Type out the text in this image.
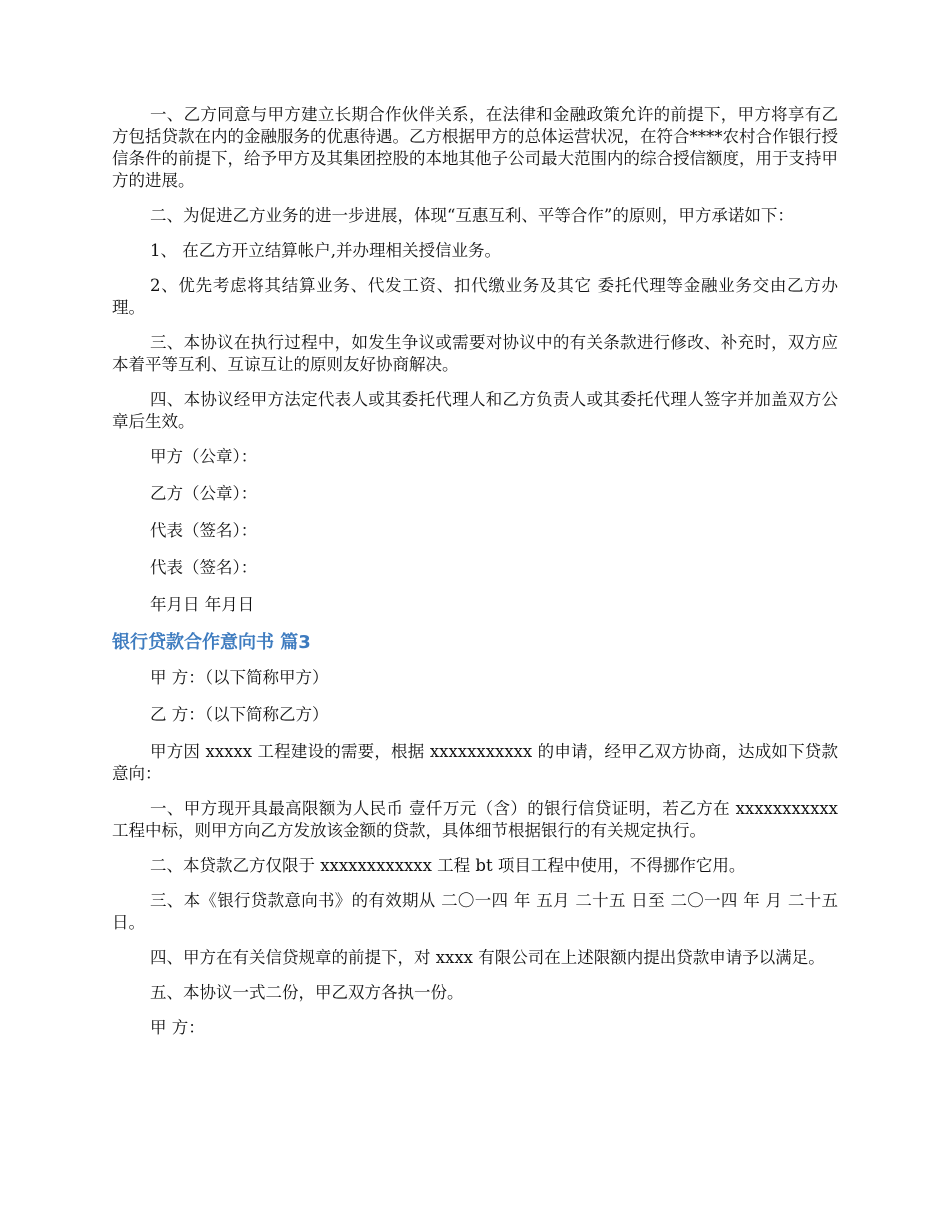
一、乙方同意与甲方建立长期合作伙伴关系，在法律和金融政策允许的前提下，甲方将享有乙方包括贷款在内的金融服务的优惠待遇。乙方根据甲方的总体运营状况，在符合****农村合作银行授信条件的前提下，给予甲方及其集团控股的本地其他子公司最大范围内的综合授信额度，用于支持甲方的进展。

二、为促进乙方业务的进一步进展，体现“互惠互利、平等合作”的原则，甲方承诺如下：

1、 在乙方开立结算帐户,并办理相关授信业务。

2、优先考虑将其结算业务、代发工资、扣代缴业务及其它 委托代理等金融业务交由乙方办理。

三、本协议在执行过程中，如发生争议或需要对协议中的有关条款进行修改、补充时，双方应本着平等互利、互谅互让的原则友好协商解决。

四、本协议经甲方法定代表人或其委托代理人和乙方负责人或其委托代理人签字并加盖双方公章后生效。

甲方（公章）：

乙方（公章）：

代表（签名）：

代表（签名）：

年月日 年月日

银行贷款合作意向书 篇3

甲 方：（以下简称甲方）

乙 方：（以下简称乙方）

甲方因 xxxxx 工程建设的需要，根据 xxxxxxxxxxx 的申请，经甲乙双方协商，达成如下贷款意向：

一、甲方现开具最高限额为人民币 壹仟万元（含）的银行信贷证明，若乙方在 xxxxxxxxxxx 工程中标，则甲方向乙方发放该金额的贷款，具体细节根据银行的有关规定执行。

二、本贷款乙方仅限于 xxxxxxxxxxxx 工程 bt 项目工程中使用，不得挪作它用。

三、本《银行贷款意向书》的有效期从 二〇一四 年 五月 二十五 日至 二〇一四 年 月 二十五 日。

四、甲方在有关信贷规章的前提下，对 xxxx 有限公司在上述限额内提出贷款申请予以满足。

五、本协议一式二份，甲乙双方各执一份。

甲 方：
